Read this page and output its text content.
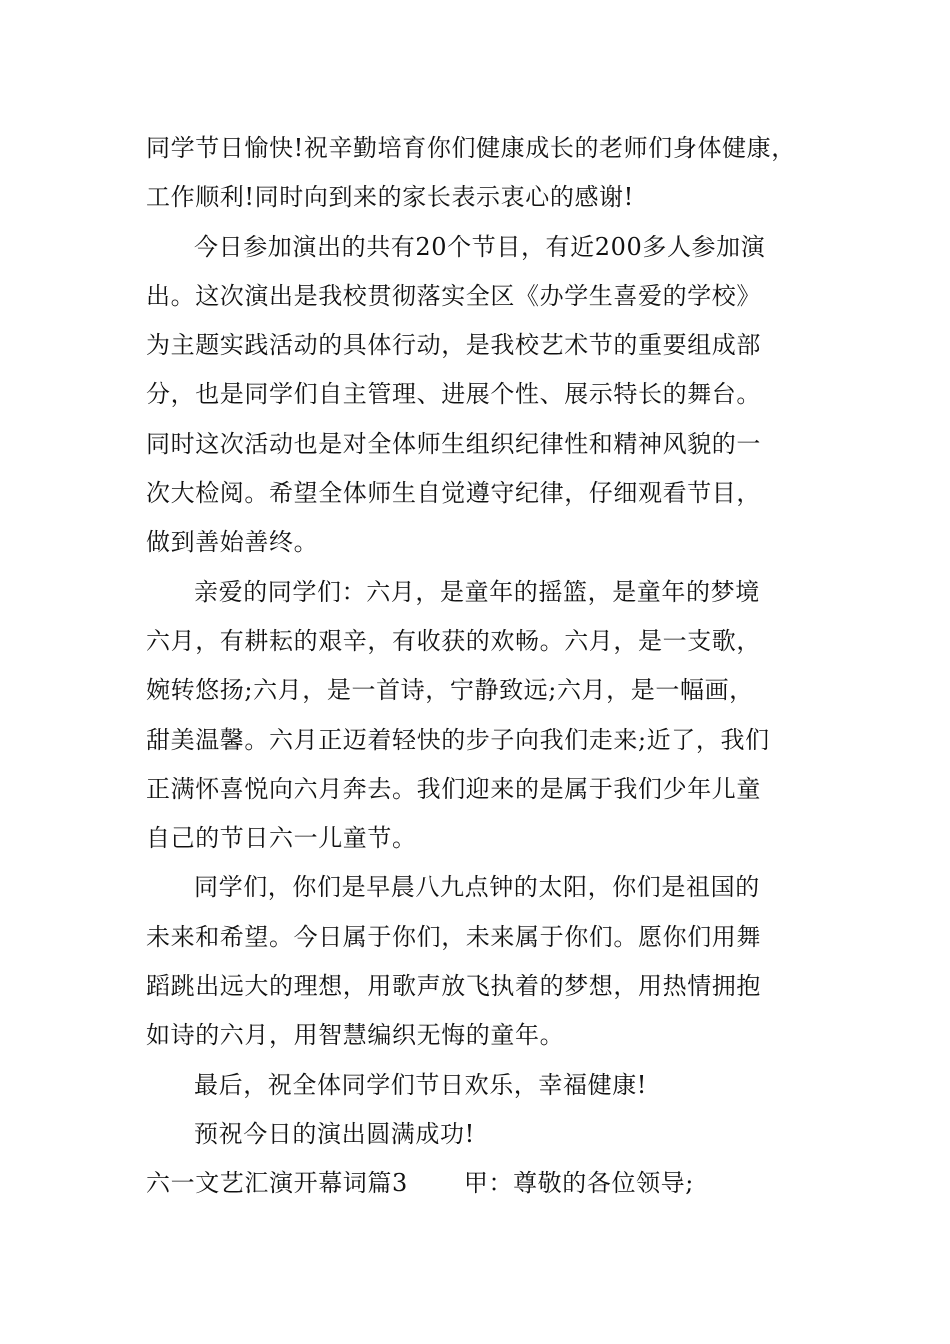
同学节日愉快!祝辛勤培育你们健康成长的老师们身体健康，

工作顺利!同时向到来的家长表示衷心的感谢!

今日参加演出的共有20个节目，有近200多人参加演

出。这次演出是我校贯彻落实全区《办学生喜爱的学校》

为主题实践活动的具体行动，是我校艺术节的重要组成部

分，也是同学们自主管理、进展个性、展示特长的舞台。

同时这次活动也是对全体师生组织纪律性和精神风貌的一

次大检阅。希望全体师生自觉遵守纪律，仔细观看节目，

做到善始善终。

亲爱的同学们：六月，是童年的摇篮，是童年的梦境

六月，有耕耘的艰辛，有收获的欢畅。六月，是一支歌，

婉转悠扬;六月，是一首诗，宁静致远;六月，是一幅画，

甜美温馨。六月正迈着轻快的步子向我们走来;近了，我们

正满怀喜悦向六月奔去。我们迎来的是属于我们少年儿童

自己的节日六一儿童节。

同学们，你们是早晨八九点钟的太阳，你们是祖国的

未来和希望。今日属于你们，未来属于你们。愿你们用舞

蹈跳出远大的理想，用歌声放飞执着的梦想，用热情拥抱

如诗的六月，用智慧编织无悔的童年。

最后，祝全体同学们节日欢乐，幸福健康!

预祝今日的演出圆满成功!

六一文艺汇演开幕词篇3 甲：尊敬的各位领导;
